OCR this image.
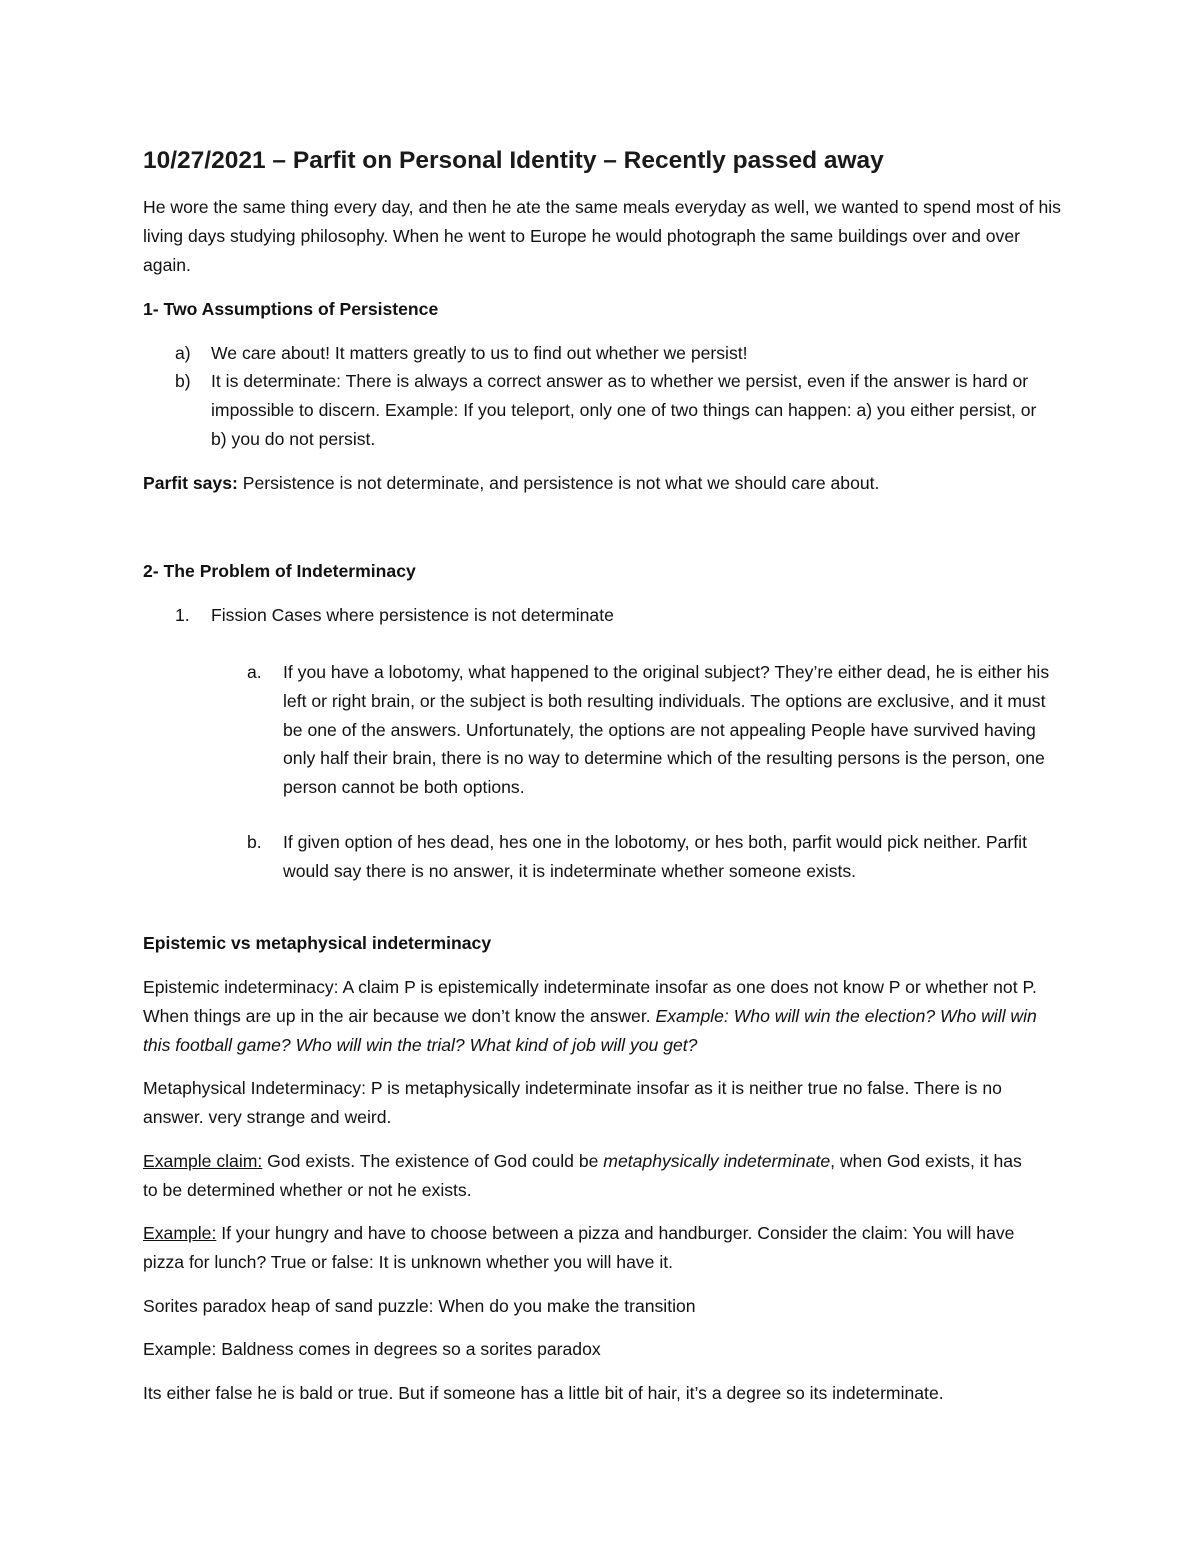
10/27/2021 – Parfit on Personal Identity – Recently passed away

He wore the same thing every day, and then he ate the same meals everyday as well, we wanted to spend most of his living days studying philosophy. When he went to Europe he would photograph the same buildings over and over again.

1- Two Assumptions of Persistence

a) We care about! It matters greatly to us to find out whether we persist!

b) It is determinate: There is always a correct answer as to whether we persist, even if the answer is hard or impossible to discern. Example: If you teleport, only one of two things can happen: a) you either persist, or b) you do not persist.

Parfit says: Persistence is not determinate, and persistence is not what we should care about.

2- The Problem of Indeterminacy

1. Fission Cases where persistence is not determinate

a. If you have a lobotomy, what happened to the original subject? They’re either dead, he is either his left or right brain, or the subject is both resulting individuals. The options are exclusive, and it must be one of the answers. Unfortunately, the options are not appealing People have survived having only half their brain, there is no way to determine which of the resulting persons is the person, one person cannot be both options.

b. If given option of hes dead, hes one in the lobotomy, or hes both, parfit would pick neither. Parfit would say there is no answer, it is indeterminate whether someone exists.

Epistemic vs metaphysical indeterminacy

Epistemic indeterminacy: A claim P is epistemically indeterminate insofar as one does not know P or whether not P. When things are up in the air because we don’t know the answer. Example: Who will win the election? Who will win this football game? Who will win the trial? What kind of job will you get?

Metaphysical Indeterminacy: P is metaphysically indeterminate insofar as it is neither true no false. There is no answer. very strange and weird.

Example claim: God exists. The existence of God could be metaphysically indeterminate, when God exists, it has to be determined whether or not he exists.

Example: If your hungry and have to choose between a pizza and handburger. Consider the claim: You will have pizza for lunch? True or false: It is unknown whether you will have it.

Sorites paradox heap of sand puzzle: When do you make the transition

Example: Baldness comes in degrees so a sorites paradox

Its either false he is bald or true. But if someone has a little bit of hair, it’s a degree so its indeterminate.
